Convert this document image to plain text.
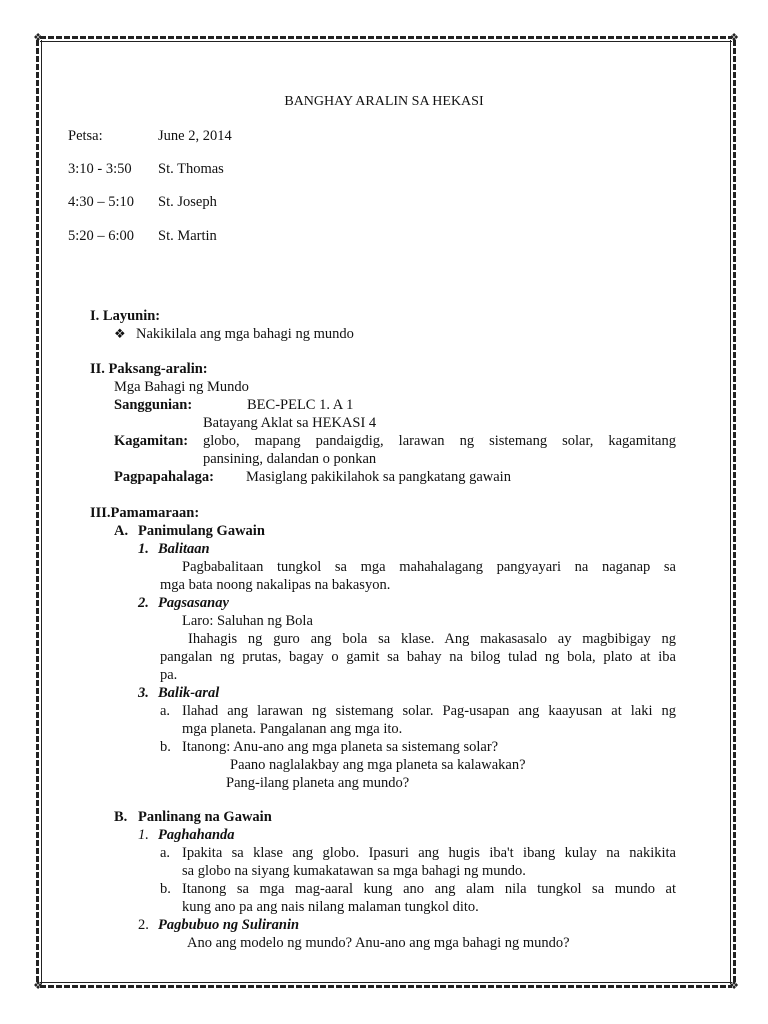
❖	❖
❖	❖
BANGHAY ARALIN SA HEKASI
Petsa:	June 2, 2014
3:10 - 3:50 St. Thomas
4:30 – 5:10 St. Joseph
5:20 – 6:00 St. Martin
I. Layunin:
❖ Nakikilala ang mga bahagi ng mundo
II. Paksang-aralin:
Mga Bahagi ng Mundo
Sanggunian:	BEC-PELC 1. A 1
Batayang Aklat sa HEKASI 4
Kagamitan: globo, mapang pandaigdig, larawan ng sistemang solar, kagamitang
pansining, dalandan o ponkan
Pagpapahalaga: Masiglang pakikilahok sa pangkatang gawain
III.Pamamaraan:
A. Panimulang Gawain
1. Balitaan
Pagbabalitaan tungkol sa mga mahahalagang pangyayari na naganap sa
mga bata noong nakalipas na bakasyon.
2. Pagsasanay
Laro: Saluhan ng Bola
Ihahagis ng guro ang bola sa klase. Ang makasasalo ay magbibigay ng
pangalan ng prutas, bagay o gamit sa bahay na bilog tulad ng bola, plato at iba
pa.
3. Balik-aral
a. Ilahad ang larawan ng sistemang solar. Pag-usapan ang kaayusan at laki ng
mga planeta. Pangalanan ang mga ito.
b. Itanong: Anu-ano ang mga planeta sa sistemang solar?
Paano naglalakbay ang mga planeta sa kalawakan?
Pang-ilang planeta ang mundo?
B. Panlinang na Gawain
1. Paghahanda
a. Ipakita sa klase ang globo. Ipasuri ang hugis iba't ibang kulay na nakikita
sa globo na siyang kumakatawan sa mga bahagi ng mundo.
b. Itanong sa mga mag-aaral kung ano ang alam nila tungkol sa mundo at
kung ano pa ang nais nilang malaman tungkol dito.
2. Pagbubuo ng Suliranin
Ano ang modelo ng mundo? Anu-ano ang mga bahagi ng mundo?
